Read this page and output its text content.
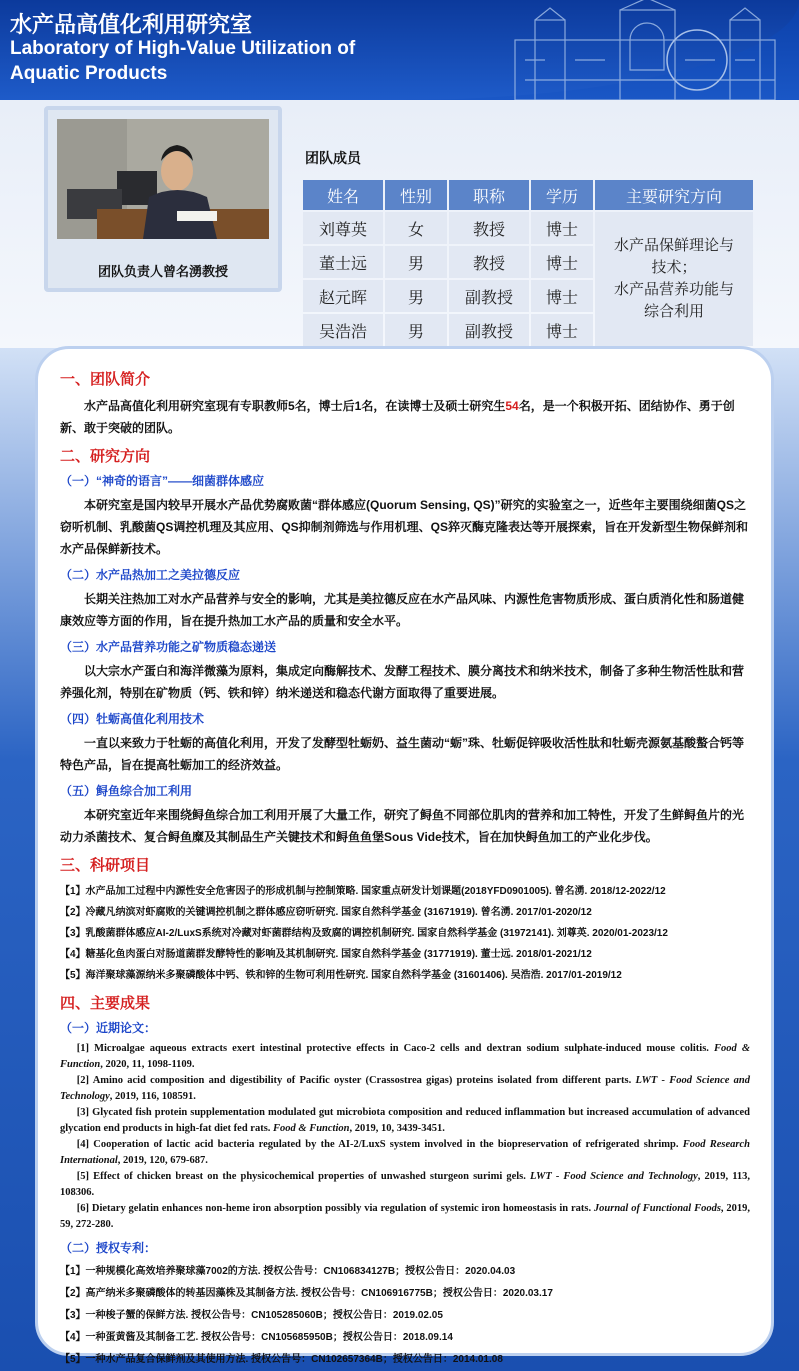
水产品高值化利用研究室
Laboratory of High-Value Utilization of Aquatic Products
团队负责人曾名湧教授
团队成员
姓名	性别	职称	学历	主要研究方向
刘尊英	女	教授	博士	水产品保鲜理论与技术；
水产品营养功能与综合利用

董士远	男	教授	博士	
赵元晖	男	副教授	博士	
吴浩浩	男	副教授	博士	
一、团队简介

水产品高值化利用研究室现有专职教师5名，博士后1名，在读博士及硕士研究生54名，是一个积极开拓、团结协作、勇于创新、敢于突破的团队。

二、研究方向
（一）“神奇的语言”——细菌群体感应

本研究室是国内较早开展水产品优势腐败菌“群体感应(Quorum Sensing, QS)”研究的实验室之一，近些年主要围绕细菌QS之窃听机制、乳酸菌QS调控机理及其应用、QS抑制剂筛选与作用机理、QS猝灭酶克隆表达等开展探索，旨在开发新型生物保鲜剂和水产品保鲜新技术。

（二）水产品热加工之美拉德反应

长期关注热加工对水产品营养与安全的影响，尤其是美拉德反应在水产品风味、内源性危害物质形成、蛋白质消化性和肠道健康效应等方面的作用，旨在提升热加工水产品的质量和安全水平。

（三）水产品营养功能之矿物质稳态递送

以大宗水产蛋白和海洋微藻为原料，集成定向酶解技术、发酵工程技术、膜分离技术和纳米技术，制备了多种生物活性肽和营养强化剂，特别在矿物质（钙、铁和锌）纳米递送和稳态代谢方面取得了重要进展。

（四）牡蛎高值化利用技术

一直以来致力于牡蛎的高值化利用，开发了发酵型牡蛎奶、益生菌动“蛎”珠、牡蛎促锌吸收活性肽和牡蛎壳源氨基酸螯合钙等特色产品，旨在提高牡蛎加工的经济效益。

（五）鲟鱼综合加工利用

本研究室近年来围绕鲟鱼综合加工利用开展了大量工作，研究了鲟鱼不同部位肌肉的营养和加工特性，开发了生鲜鲟鱼片的光动力杀菌技术、复合鲟鱼糜及其制品生产关键技术和鲟鱼鱼堡Sous Vide技术，旨在加快鲟鱼加工的产业化步伐。

三、科研项目

【1】水产品加工过程中内源性安全危害因子的形成机制与控制策略. 国家重点研发计划课题(2018YFD0901005). 曾名湧. 2018/12-2022/12

【2】冷藏凡纳滨对虾腐败的关键调控机制之群体感应窃听研究. 国家自然科学基金 (31671919). 曾名湧. 2017/01-2020/12

【3】乳酸菌群体感应AI-2/LuxS系统对冷藏对虾菌群结构及致腐的调控机制研究. 国家自然科学基金 (31972141). 刘尊英. 2020/01-2023/12

【4】糖基化鱼肉蛋白对肠道菌群发酵特性的影响及其机制研究. 国家自然科学基金 (31771919). 董士远. 2018/01-2021/12

【5】海洋聚球藻源纳米多聚磷酸体中钙、铁和锌的生物可利用性研究. 国家自然科学基金 (31601406). 吴浩浩. 2017/01-2019/12

四、主要成果
（一）近期论文：

[1] Microalgae aqueous extracts exert intestinal protective effects in Caco-2 cells and dextran sodium sulphate-induced mouse colitis. Food & Function, 2020, 11, 1098-1109.

[2] Amino acid composition and digestibility of Pacific oyster (Crassostrea gigas) proteins isolated from different parts. LWT - Food Science and Technology, 2019, 116, 108591.

[3] Glycated fish protein supplementation modulated gut microbiota composition and reduced inflammation but increased accumulation of advanced glycation end products in high-fat diet fed rats. Food & Function, 2019, 10, 3439-3451.

[4] Cooperation of lactic acid bacteria regulated by the AI-2/LuxS system involved in the biopreservation of refrigerated shrimp. Food Research International, 2019, 120, 679-687.

[5] Effect of chicken breast on the physicochemical properties of unwashed sturgeon surimi gels. LWT - Food Science and Technology, 2019, 113, 108306.

[6] Dietary gelatin enhances non-heme iron absorption possibly via regulation of systemic iron homeostasis in rats. Journal of Functional Foods, 2019, 59, 272-280.

（二）授权专利：

【1】一种规模化高效培养聚球藻7002的方法. 授权公告号：CN106834127B；授权公告日：2020.04.03

【2】高产纳米多聚磷酸体的转基因藻株及其制备方法. 授权公告号：CN106916775B；授权公告日：2020.03.17

【3】一种梭子蟹的保鲜方法. 授权公告号：CN105285060B；授权公告日：2019.02.05

【4】一种蛋黄酱及其制备工艺. 授权公告号：CN105685950B；授权公告日：2018.09.14

【5】一种水产品复合保鲜剂及其使用方法. 授权公告号：CN102657364B；授权公告日：2014.01.08
